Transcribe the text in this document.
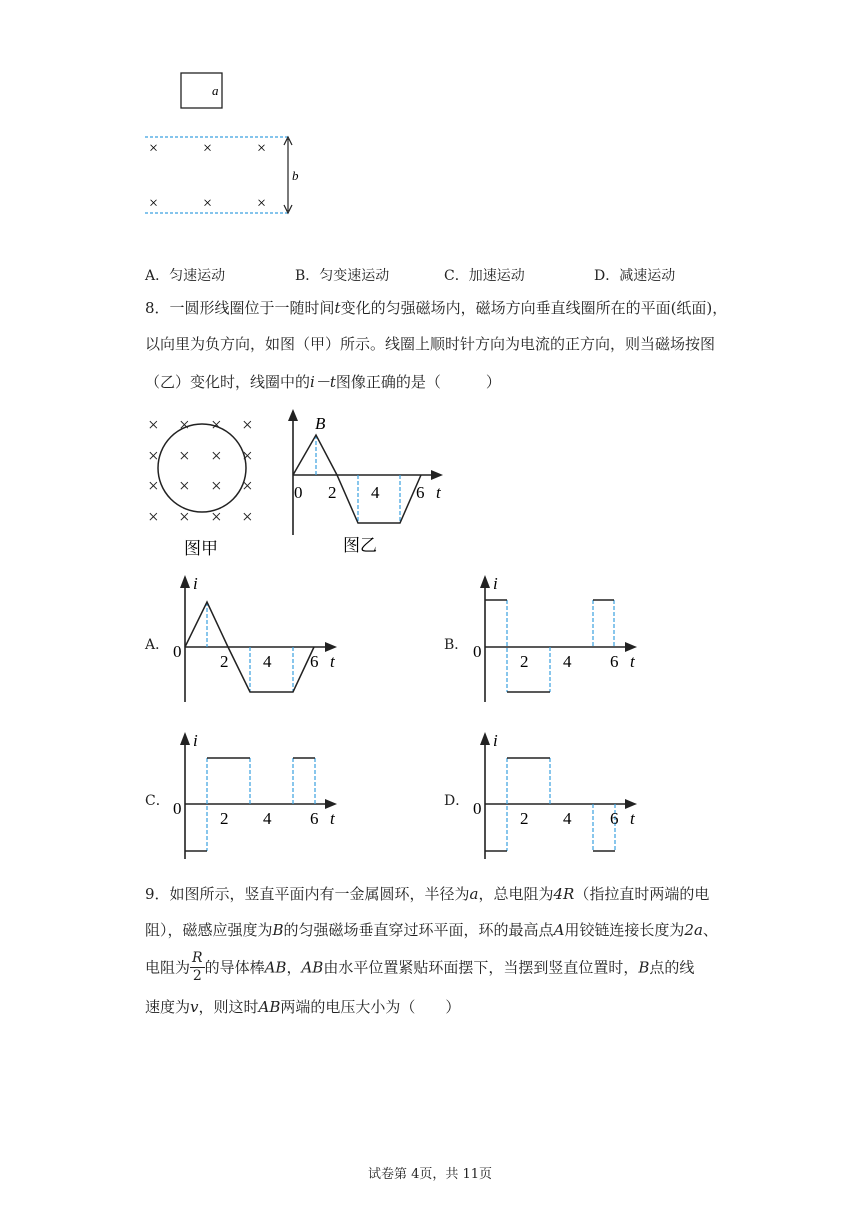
a
×	×	×
×	×	×
b
A．匀速运动	B．匀变速运动	C．加速运动	D．减速运动
8．一圆形线圈位于一随时间t变化的匀强磁场内，磁场方向垂直线圈所在的平面(纸面)，
以向里为负方向，如图（甲）所示。线圈上顺时针方向为电流的正方向，则当磁场按图
（乙）变化时，线圈中的i－t图像正确的是（　　　）
× × × ×
× × × ×
× × × ×
× × × ×
图甲
B
0 2 4 6 t
图乙
A．
i
0
2 4 6 t
B．
i
0
2 4 6 t
C．
i
0
2 4 6 t
D．
i
0
2 4 6 t
9．如图所示，竖直平面内有一金属圆环，半径为a，总电阻为4R（指拉直时两端的电
阻），磁感应强度为B的匀强磁场垂直穿过环平面，环的最高点A用铰链连接长度为2a、
电阻为 $\frac{R}{2}$ 的导体棒AB，AB由水平位置紧贴环面摆下，当摆到竖直位置时，B点的线
速度为v，则这时AB两端的电压大小为（　　）
试卷第 4页，共 11页
